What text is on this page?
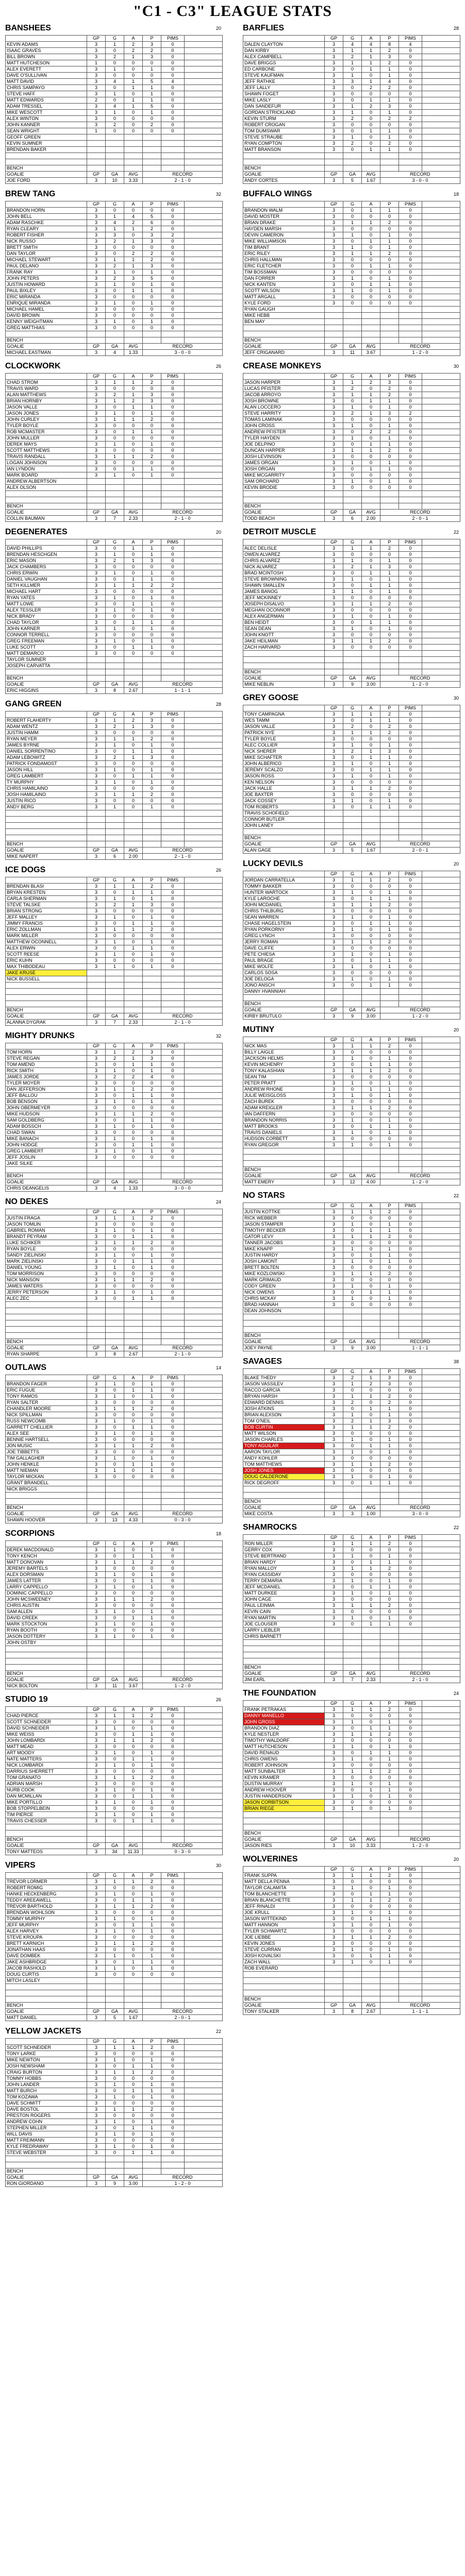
"C1 - C3" LEAGUE STATS
BANSHEES	20
	GP	G	A	P	PIMS		
KEVIN ADAMS	3	1	2	3	0		
ISAAC GRAVES	3	0	2	2	0		
BILL BROWN	3	2	1	3	0		
MATT HUTCHESON	1	0	0	0	0		
ALEX EVERETT	3	1	0	1	0		
DAVE O'SULLIVAN	3	0	0	0	0		
MATT DAVID	3	4	1	5	4		
CHRIS SAMPAYO	3	0	1	1	0		
STEVE HAFF	3	1	0	1	0		
MATT EDWARDS	2	0	1	1	0		
ADAM TRESSEL	3	4	1	5	0		
MIKE WESCOTT	3	1	0	1	0		
ALEX WINTON	3	0	0	0	0		
JOHN KANNER	3	2	0	2	0		
SEAN WRIGHT	1	0	0	0	0		
GEOFF GREEN							
KEVIN SUMNER							
BRENDAN BAKER							

BENCH							
GOALIE	GP	GA	AVG	RECORD			
JOE FORD	3	10	3.33	2 - 1 - 0			
BARFLIES	28
	GP	G	A	P	PIMS		
DALEN CLAYTON	3	4	4	8	4		
DAN KIRBY	3	1	1	2	0		
ALEX CAMPBELL	3	2	1	3	0		
DAVE BRIGGS	3	1	1	2	0		
ED CARBONE	3	0	1	1	0		
STEVE KAUFMAN	3	1	0	1	0		
JEFF RATHKE	3	3	1	4	0		
JEFF LALLY	3	0	2	2	0		
SHAWN FOGET	3	0	0	0	0		
MIKE LASLY	3	0	1	1	0		
DAN SANDEFUR	3	1	2	3	0		
GORDAN STRICKLAND	3	1	0	1	0		
KEVIN STURM	3	2	0	2	2		
ROBERT CROGAN	3	0	0	0	0		
TOM DUMSWAR	3	0	1	1	0		
STEVE STRAUBE	3	1	0	1	0		
RYAN COMPTON	3	2	0	2	0		
MATT BRANSON	3	0	1	1	0		

BENCH							
GOALIE	GP	GA	AVG	RECORD			
ANDY CORTES	3	5	1.67	3 - 0 - 0			
BREW TANG	32
	GP	G	A	P	PIMS		
BRANDON HORN	3	0	0	0	0		
JOHN BELL	3	1	4	5	0		
ADAM RASCHKE	3	4	2	6	0		
RYAN CLEARY	3	1	1	2	0		
ROBERT FISHER	3	3	0	3	2		
NICK RUSSO	3	2	1	3	0		
BRETT SMITH	3	0	0	0	0		
DAN TAYLOR	3	0	2	2	0		
MICHAEL STEWART	3	1	1	2	0		
PAUL DELANO	3	2	1	3	0		
FRANK RAY	3	1	0	1	0		
JOHN PETERS	3	2	3	5	0		
JUSTIN HOWARD	3	1	0	1	0		
PAUL BIXLEY	3	0	1	1	0		
ERIC MIRANDA	3	0	0	0	0		
ENRIQUE MIRANDA	3	1	0	1	0		
MICHAEL HAMEL	3	0	0	0	0		
DAVID BROWN	3	0	0	0	0		
KENNY WEIGHTMAN	3	1	0	1	0		
GREG MATTHIAS	3	0	0	0	0		

BENCH							
GOALIE	GP	GA	AVG	RECORD			
MICHAEL EASTMAN	3	4	1.33	3 - 0 - 0			
BUFFALO WINGS	18
	GP	G	A	P	PIMS		
BRANDON WALM	3	0	1	1	0		
DAVID MOSTER	3	0	0	0	0		
BRIAN DRAKE	3	1	1	2	0		
HAYDEN MARSH	3	0	0	0	0		
DEVIN CAMERON	3	1	0	1	0		
MIKE WILLIAMSON	3	0	1	1	0		
TIM BRANT	3	1	0	1	0		
ERIC RILEY	3	1	1	2	0		
CHRIS HALLMAN	3	0	0	0	0		
ERIC FLETCHER	3	0	1	1	0		
TIM BOSSMAN	3	0	0	0	0		
DAN FORRER	3	1	0	1	0		
NICK KANTEN	3	0	1	1	0		
SCOTT WILSON	3	1	0	1	0		
MATT ARGALL	3	0	0	0	0		
KYLE FORD	3	0	0	0	0		
RYAN GAUGH							
MIKE HEBB							
BEN MAY							

BENCH							
GOALIE	GP	GA	AVG	RECORD			
JEFF CRIGANARD	3	11	3.67	1 - 2 - 0			
CLOCKWORK	26
	GP	G	A	P	PIMS		
CHAD STROM	3	1	1	2	0		
TRAVIS WARD	3	0	0	0	0		
ALAN MATTHEWS	3	2	1	3	0		
BRIAN HORNBY	3	1	2	3	0		
JASON VALLE	3	0	1	1	0		
JASON JONES	3	1	0	1	0		
JOHN CURLEY	3	1	1	2	0		
TYLER BOYLE	3	0	0	0	0		
ROB MCMASTER	3	0	1	1	0		
JOHN MULLER	3	0	0	0	0		
DEREK MAYS	3	1	0	1	0		
SCOTT MATTHEWS	3	0	0	0	0		
TRAVIS RANDALL	3	1	1	2	0		
LOGAN JOHNSON	3	0	0	0	0		
IAN LYNDON	3	0	1	1	0		
MARK BOARD	3	1	0	1	0		
ANDREW ALBERTSON							
ALEX OLSON							

BENCH							
GOALIE	GP	GA	AVG	RECORD			
COLLIN BAUMAN	3	7	2.33	2 - 1 - 0			
CREASE MONKEYS	30
	GP	G	A	P	PIMS		
JASON HARPER	3	1	2	3	0		
LUCAS PFISTER	3	2	0	2	0		
JACOB ARROYO	3	1	1	2	0		
JOSH BROWNE	3	0	1	1	0		
ALAN LOCCERO	3	1	0	1	0		
STEVE HARRITY	3	2	1	3	2		
TOMAS LAMINAK	3	0	0	0	0		
JOHN CROSS	3	1	0	1	0		
ANDREW PFISTER	3	0	2	2	0		
TYLER HAYDEN	3	1	0	1	0		
JOE DELPINO	3	0	1	1	0		
DUNCAN HARPER	3	1	1	2	0		
JOSH LEVINSON	3	0	0	0	0		
JAMES ORGAN	3	1	0	1	0		
JOSH ORGAN	3	0	1	1	0		
MIKE MCGARRITY	3	0	0	0	0		
SAM ORCHARD	3	1	0	1	0		
KEVIN BRODIE	3	0	0	0	0		

BENCH							
GOALIE	GP	GA	AVG	RECORD			
TODD BEACH	3	6	2.00	2 - 0 - 1			
DEGENERATES	20
	GP	G	A	P	PIMS		
DAVID PHILLIPS	3	0	1	1	0		
BRENDAN HESCHGEN	3	1	0	1	0		
ERIC MASON	3	2	1	3	0		
JACK CHAMBERS	3	0	0	0	0		
CHRIS ERWIN	3	1	0	1	0		
DANIEL VAUGHAN	3	0	1	1	0		
SETH KILLMER	3	1	1	2	2		
MICHAEL HART	3	0	0	0	0		
RYAN YATES	3	1	0	1	0		
MATT LOWE	3	0	1	1	0		
ALEX TESSLER	3	1	0	1	0		
NICK BRADY	3	0	0	0	0		
CHAD TAYLOR	3	0	1	1	0		
JOHN KARNER	3	1	0	1	0		
CONNOR TERRELL	3	0	0	0	0		
GREG FREEMAN	3	1	0	1	0		
LUKE SCOTT	3	0	1	1	0		
MATT DEMARCO	3	0	0	0	0		
TAYLOR SUMNER							
JOSEPH CARVATTA							

BENCH							
GOALIE	GP	GA	AVG	RECORD			
ERIC HIGGINS	3	8	2.67	1 - 1 - 1			
DETROIT MUSCLE	22
	GP	G	A	P	PIMS		
ALEC DELISLE	3	1	1	2	0		
OWEN ALVAREZ	3	0	0	0	0		
CHRIS ALVAREZ	3	1	0	1	0		
NICK ALVAREZ	3	2	1	3	0		
BRAD MCINTOSH	3	0	1	1	0		
STEVE BROWNING	3	1	0	1	0		
SHAWN SMALLEN	3	0	1	1	0		
JAMES BANOG	3	1	0	1	0		
JEFF MCKINNEY	3	0	0	0	0		
JOSEPH DISALVO	3	1	1	2	0		
MEGHAN OCONNOR	3	0	0	0	0		
ALEX ANGERMAN	3	1	0	1	0		
BEN HEIDT	3	0	1	1	0		
SEAN DEAN	3	1	0	1	0		
JOHN KNOTT	3	0	0	0	0		
JAKE HEILMAN	3	1	1	2	0		
ZACH HARVARD	3	0	0	0	0		

BENCH							
GOALIE	GP	GA	AVG	RECORD			
MIKE NEBLIN	3	9	3.00	1 - 2 - 0			
GANG GREEN	28
	GP	G	A	P	PIMS		
ROBERT FLAHERTY	3	1	2	3	0		
ADAM WENTZ	3	2	1	3	0		
JUSTIN HAMM	3	0	0	0	0		
RYAN MEYER	3	1	1	2	0		
JAMES BYRNE	3	1	0	1	0		
DANIEL SORRENTINO	3	0	1	1	0		
ADAM LEBOWITZ	3	2	1	3	0		
PATRICK FONDAMOST	3	0	0	0	0		
JASON HILL	3	1	0	1	0		
GREG LAMBERT	3	0	1	1	0		
TY MURPHY	3	1	0	1	0		
CHRIS HAMILAINO	3	0	0	0	0		
JOSH HAMILAINO	3	1	1	2	0		
JUSTIN RICO	3	0	0	0	0		
ANDY BERG	3	1	0	1	0		

BENCH							
GOALIE	GP	GA	AVG	RECORD			
MIKE NAPERT	3	6	2.00	2 - 1 - 0			
GREY GOOSE	30
	GP	G	A	P	PIMS		
TONY CAMPAGNA	3	1	1	2	0		
WES TAMM	3	0	1	1	0		
JASON VALLE	3	2	0	2	0		
PATRICK NYE	3	1	1	2	0		
TYLER BOYLE	3	0	0	0	0		
ALEC COLLIER	3	1	0	1	0		
NICK SHERER	3	2	1	3	0		
MIKE SCHAFTER	3	0	1	1	0		
JOHN ALBERICO	3	1	0	1	0		
JEREMY SCALZO	3	0	1	1	0		
JASON ROSS	3	1	0	1	0		
KEN NELSON	3	0	0	0	0		
JACK HALLE	3	1	1	2	0		
JOE BAXTER	3	0	0	0	0		
JACK COSSEY	3	1	0	1	0		
TOM ROBERTS	3	0	1	1	0		
TRAVIS SCHOFIELD							
CONNOR BUTLER							
JOHN LANEY							

BENCH							
GOALIE	GP	GA	AVG	RECORD			
ALAN GAGE	3	5	1.67	2 - 0 - 1			
ICE DOGS	26
	GP	G	A	P	PIMS		
BRENDAN BLASI	3	1	1	2	0		
BRYAN KRESTEN	3	0	1	1	0		
CARLA SHERMAN	3	1	0	1	0		
STEVE TALSKE	3	2	1	3	0		
BRIAN STRONG	3	0	0	0	0		
JEFF MALLEY	3	1	0	1	0		
JIMMY FRANCIS	3	0	1	1	0		
ERIC ZOLLMAN	3	1	1	2	0		
MARK MILLER	3	0	0	0	0		
MATTHEW OCONNELL	3	1	0	1	0		
ALEX ERWIN	3	0	1	1	0		
SCOTT REESE	3	1	0	1	0		
ERIC KUHN	3	0	0	0	0		
MAX THIBODEAU	3	1	0	1	0		
JAKE KRUSE							
NICK BUSSELL							

BENCH							
GOALIE	GP	GA	AVG	RECORD			
ALANNA DYGRAK	3	7	2.33	2 - 1 - 0			
LUCKY DEVILS	20
	GP	G	A	P	PIMS		
JORDAN CARRATELLA	3	1	1	2	0		
TOMMY BAKKER	3	0	0	0	0		
HUNTER WARTOCK	3	1	0	1	0		
KYLE LAROCHE	3	0	1	1	0		
JOHN MCDANIEL	3	1	1	2	0		
CHRIS THILBURG	3	0	0	0	0		
SEAN WARREN	3	1	0	1	0		
CHASE HAGELSTEIN	3	0	1	1	0		
RYAN PORKORNY	3	1	0	1	0		
GREG LYNCH	3	0	0	0	0		
JERRY ROMAN	3	1	1	2	0		
DAVE CLIFFE	3	0	0	0	0		
PETE CHIESA	3	1	0	1	0		
PAUL BRAGE	3	0	1	1	0		
MIKE WOLFE	3	1	0	1	0		
CARLOS SOSA	3	0	0	0	0		
JOE DELOGA	3	1	0	1	0		
JONO ANSCH	3	0	1	1	0		
DANNY HVANNIAH							

BENCH							
GOALIE	GP	GA	AVG	RECORD			
KIRBY BRUTULO	3	9	3.00	1 - 2 - 0			
MIGHTY DRUNKS	32
	GP	G	A	P	PIMS		
TOM HORN	3	1	2	3	0		
STEVE REGAN	3	2	1	3	0		
TOM AMEND	3	0	1	1	0		
RICK SMITH	3	1	0	1	0		
JAMES JORDE	3	2	2	4	0		
TYLER MOYER	3	0	0	0	0		
DAN JEFFERSON	3	1	1	2	0		
JEFF BALLOU	3	0	1	1	0		
BOB BENSON	3	1	0	1	0		
JOHN OBERMEYER	3	0	0	0	0		
MIKE HUDSON	3	1	1	2	0		
SAM GOLDBERG	3	0	1	1	0		
ADAM BOSSCH	3	1	0	1	0		
CHAD SWAN	3	0	0	0	0		
MIKE BANACH	3	1	0	1	0		
JOHN HODGE	3	0	1	1	0		
GREG LAMBERT	3	1	0	1	0		
JEFF JOSLIN	3	0	0	0	0		
JAKE SILKE							

BENCH							
GOALIE	GP	GA	AVG	RECORD			
CHRIS DEANGELIS	3	4	1.33	3 - 0 - 0			
MUTINY	20
	GP	G	A	P	PIMS		
NICK MAS	3	1	1	2	0		
BILLY LAIGLE	3	0	0	0	0		
JACKSON HELMS	3	1	0	1	0		
KEVIN MCHENRY	3	0	1	1	0		
TONY KALASHIAN	3	1	1	2	0		
SEAN TIM	3	0	0	0	0		
PETER PRATT	3	1	0	1	0		
ANDREW RHONE	3	0	1	1	0		
JULIE WEISGLOSS	3	1	0	1	0		
ZACH BUREK	3	0	0	0	0		
ADAM KREIGLER	3	1	1	2	0		
IAN DAFFERN	3	0	0	0	0		
BRANDON NORRIS	3	1	0	1	0		
MATT BROOKS	3	0	1	1	0		
TRAVIS DANIELS	3	1	0	1	0		
HUDSON CORBETT	3	0	0	0	0		
RYAN GREGOR	3	1	0	1	0		

BENCH							
GOALIE	GP	GA	AVG	RECORD			
MATT EMERY	3	12	4.00	1 - 2 - 0			
NO DEKES	24
	GP	G	A	P	PIMS		
JUSTIN FRAGA	3	1	1	2	0		
JASON TOMLIN	3	0	0	0	0		
GABRIEL ROMAN	3	1	0	1	0		
BRANDT PEYRAM	3	0	1	1	0		
LUKE SCHIKER	3	1	1	2	0		
RYAN BOYLE	3	0	0	0	0		
SANDY ZIELINSKI	3	1	0	1	0		
MARK ZIELINSKI	3	0	1	1	0		
DANIEL YOUNG	3	1	0	1	0		
TOM MORRISON	3	0	0	0	0		
NICK MANSON	3	1	1	2	0		
JAMES WATERS	3	0	0	0	0		
JERRY PETERSON	3	1	0	1	0		
ALEC ZEC	3	0	1	1	0		

BENCH							
GOALIE	GP	GA	AVG	RECORD			
RYAN SHARPE	3	8	2.67	2 - 1 - 0			
NO STARS	22
	GP	G	A	P	PIMS		
JUSTIN KOTTKE	3	1	1	2	0		
RICK WEBBER	3	0	0	0	0		
JASON STAMPER	3	1	0	1	0		
TIMOTHY BECKER	3	0	1	1	0		
GATOR LEVY	3	1	1	2	0		
TANNER JACOBS	3	0	0	0	0		
MIKE KNAPP	3	1	0	1	0		
JUSTIN HARDY	3	0	1	1	0		
JOSH LAMONT	3	1	0	1	0		
BRETT BOLTEN	3	0	0	0	0		
MIKE KOZLOWSKI	3	1	1	2	0		
MARK GRIMAUD	3	0	0	0	0		
CODY GREEN	3	1	0	1	0		
NICK OWENS	3	0	1	1	0		
CHRIS MCKAY	3	1	0	1	0		
BRAD HANNAH	3	0	0	0	0		
DEAN JOHNSON							

BENCH							
GOALIE	GP	GA	AVG	RECORD			
JOEY PAYNE	3	9	3.00	1 - 1 - 1			
OUTLAWS	14
	GP	G	A	P	PIMS		
BRANDON FAGER	3	1	0	1	0		
ERIC FUGUE	3	0	1	1	0		
TONY RAMOS	3	1	0	1	0		
RYAN SALTER	3	0	0	0	0		
CHANDLER MOORE	3	1	1	2	0		
NICK SPILLMAN	3	0	0	0	0		
RUSS NEWCOMB	3	1	0	1	0		
GARRETT CHELLIER	3	0	1	1	0		
ALEX SEE	3	1	0	1	0		
BENNIE HARTSELL	3	0	0	0	0		
JON MUSIC	3	1	1	2	0		
JOE TIBBETTS	3	0	0	0	0		
TIM GALLAGHER	3	1	0	1	0		
JOHN HENKLE	3	0	1	1	0		
MATT NIEMAN	3	1	0	1	0		
TAYLOR MICKAN	3	0	0	0	0		
GRANT BRANDELL							
NICK BRIGGS							

BENCH							
GOALIE	GP	GA	AVG	RECORD			
SHAWN HOOVER	3	13	4.33	0 - 3 - 0			
SAVAGES	38
	GP	G	A	P	PIMS		
BLAKE THEDY	3	2	1	3	0		
JASON VASSILEV	3	1	2	3	0		
RACCO GARCIA	3	0	0	0	0		
BRYAN HARSH	3	1	1	2	0		
EDWARD DENNIS	3	2	0	2	0		
JOSH ATKINS	3	0	1	1	0		
BRIAN ALEXSON	3	1	0	1	0		
TOM O'NEIL	3	2	1	3	0		
BOB CURTIN	3	1	1	2	0		
MATT WILSON	3	0	0	0	0		
JASON CHARLES	3	1	0	1	0		
TONY AGUILAR	3	0	1	1	0		
AARON TAYLOR	3	1	0	1	0		
ANDY KOHLER	3	0	0	0	0		
TOM MATTHEWS	3	1	1	2	0		
JOSH JONES	3	0	0	0	0		
DOUG CALDERONE	3	1	0	1	0		
RICK DEGROFF	3	0	1	1	0		

BENCH							
GOALIE	GP	GA	AVG	RECORD			
MIKE COSTA	3	3	1.00	3 - 0 - 0			
SCORPIONS	18
	GP	G	A	P	PIMS		
DEREK MACDONALD	3	1	0	1	0		
TONY KENCH	3	0	1	1	0		
MATT DONOVAN	3	1	1	2	0		
JEREMY BARTELS	3	0	0	0	0		
ALEX DORSMAN	3	1	0	1	0		
JAMES LATTER	3	0	1	1	0		
LARRY CAPPELLO	3	1	0	1	0		
DOMINIC CAPPELLO	3	0	0	0	0		
JOHN MCSWEENEY	3	1	1	2	0		
CHRIS AUSTIN	3	0	0	0	0		
SAM ALLEN	3	1	0	1	0		
DAVID CREEK	3	0	1	1	0		
MARK STOCKTON	3	1	0	1	0		
RYAN BOOTH	3	0	0	0	0		
JASON DOTTERY	3	1	0	1	0		
JOHN OSTBY							

BENCH							
GOALIE	GP	GA	AVG	RECORD			
NICK BOLTON	3	11	3.67	1 - 2 - 0			
SHAMROCKS	22
	GP	G	A	P	PIMS		
RON MILLER	3	1	1	2	0		
GERRY COX	3	0	0	0	0		
STEVE BERTRAND	3	1	0	1	0		
BRIAN HARDY	3	0	1	1	0		
RYAN MALLOY	3	1	1	2	0		
RYAN CASSIDAY	3	0	0	0	0		
TERRY DEMARIA	3	1	0	1	0		
JEFF MCDANIEL	3	0	1	1	0		
MATT DURKEE	3	1	0	1	0		
JOHN CAGE	3	0	0	0	0		
PAUL LEINMA	3	1	1	2	0		
KEVIN CAIN	3	0	0	0	0		
RYAN MARTIN	3	1	0	1	0		
JOE CLOUSER	3	0	1	1	0		
LARRY LIEBLER							
CHRIS BARNETT							

BENCH							
GOALIE	GP	GA	AVG	RECORD			
JIM EARL	3	7	2.33	2 - 1 - 0			
STUDIO 19	26
	GP	G	A	P	PIMS		
CHAD PIERCE	3	1	1	2	0		
SCOTT SCHNEIDER	3	0	0	0	0		
DAVID SCHNEIDER	3	1	0	1	0		
MIKE WEISS	3	0	1	1	0		
JOHN LOMBARDI	3	1	1	2	0		
MATT MEAD	3	0	0	0	0		
ART MOODY	3	1	0	1	0		
NATE MATTERS	3	0	1	1	0		
NICK LOMBARDI	3	1	0	1	0		
DARRIUS SHERRETT	3	0	0	0	0		
TOM GRANATO	3	1	1	2	0		
ADRIAN MARSH	3	0	0	0	0		
NURB COOK	3	1	0	1	0		
DAN MCMILLAN	3	0	1	1	0		
MIKE PORTILLO	3	1	0	1	0		
BOB STOPPELBEIN	3	0	0	0	0		
TIM PIERCE	3	1	0	1	0		
TRAVIS CHESSER	3	0	1	1	0		

BENCH							
GOALIE	GP	GA	AVG	RECORD			
TONY MATTEOS	3	34	11.33	0 - 3 - 0			
THE FOUNDATION	24
	GP	G	A	P	PIMS		
FRANK PETRAKAS	3	1	1	2	0		
DANNY MANELLO	3	0	0	0	0		
JOHN GROSS	3	1	0	1	0		
BRANDON DIAZ	3	0	1	1	0		
KYLE NESTLER	3	1	1	2	0		
TIMOTHY WALDORF	3	0	0	0	0		
MATT HUTCHESON	3	1	0	1	0		
DAVID RENAUD	3	0	1	1	0		
CHRIS OWENS	3	1	0	1	0		
ROBERT JOHNSON	3	0	0	0	0		
MATT SUNBALTER	3	1	1	2	0		
KEVIN KRAMER	3	0	0	0	0		
DUSTIN MURRAY	3	1	0	1	0		
ANDREW HOOVER	3	0	1	1	0		
JUSTIN HANDERSON	3	1	0	1	0		
JASON CORBITSON	3	0	0	0	0		
BRIAN RIEGE	3	1	0	1	0		

BENCH							
GOALIE	GP	GA	AVG	RECORD			
JASON RIES	3	10	3.33	1 - 2 - 0			
VIPERS	30
	GP	G	A	P	PIMS		
TREVOR LORMER	3	1	1	2	0		
ROBERT ROMIG	3	0	0	0	0		
HANKE HECKENBERG	3	1	0	1	0		
TEDDY AREEAWELL	3	0	1	1	0		
TREVOR BARTHOLD	3	1	1	2	0		
BRENDAN WOHLSON	3	0	0	0	0		
TOMMY MURPHY	3	1	0	1	0		
JEFF MURPHY	3	0	1	1	0		
ALEX HARVEY	3	1	0	1	0		
STEVE KROUPA	3	0	0	0	0		
BRETT KARNICH	3	1	1	2	0		
JONATHAN HAAS	3	0	0	0	0		
DAVE DOMBEK	3	1	0	1	0		
JAKE ASHBRIDGE	3	0	1	1	0		
JACOB RASHOLD	3	1	0	1	0		
DOUG CURTIS	3	0	0	0	0		
MITCH LASLEY							

BENCH							
GOALIE	GP	GA	AVG	RECORD			
MATT DANIEL	3	5	1.67	2 - 0 - 1			
WOLVERINES	20
	GP	G	A	P	PIMS		
FRANK SUPPA	3	1	1	2	0		
MATT DELLA PENNA	3	0	0	0	0		
TAYLOR CALAMITA	3	1	0	1	0		
TOM BLANCHETTE	3	0	1	1	0		
BRIAN BLANCHETTE	3	1	1	2	0		
JEFF RINALDI	3	0	0	0	0		
JOE KRULL	3	1	0	1	0		
JASON WITTEKIND	3	0	1	1	0		
MATT HANNON	3	1	0	1	0		
TYLER SCHWARTZ	3	0	0	0	0		
JOE LIEBBE	3	1	1	2	0		
KEVIN JONES	3	0	0	0	0		
STEVE CURRAN	3	1	0	1	0		
JOSH KOVALSKI	3	0	1	1	0		
ZACH WALL	3	1	0	1	0		
ROB EVERARD							

BENCH							
GOALIE	GP	GA	AVG	RECORD			
TONY STALKER	3	8	2.67	1 - 1 - 1			
YELLOW JACKETS	22
	GP	G	A	P	PIMS		
SCOTT SCHNEIDER	3	1	1	2	0		
TONY LARKE	3	0	0	0	0		
MIKE NEWTON	3	1	0	1	0		
JOSH NEWSHAM	3	0	1	1	0		
CRAIG BURTON	3	1	1	2	0		
TOMMY HOBBS	3	0	0	0	0		
JOHN LANDER	3	1	0	1	0		
MATT BURCH	3	0	1	1	0		
TOM KOZAWA	3	1	0	1	0		
DAVE SCHMITT	3	0	0	0	0		
DAVE BOSTOL	3	1	1	2	0		
PRESTON ROGERS	3	0	0	0	0		
ANDREW COHN	3	1	0	1	0		
STEPHEN MILLER	3	0	1	1	0		
WILL DAVIS	3	1	0	1	0		
MATT FREIMANN	3	0	0	0	0		
KYLE FREDRAWAY	3	1	0	1	0		
STEVE WEBSTER	3	0	1	1	0		

BENCH							
GOALIE	GP	GA	AVG	RECORD			
RON GIORDANO	3	9	3.00	1 - 2 - 0			
